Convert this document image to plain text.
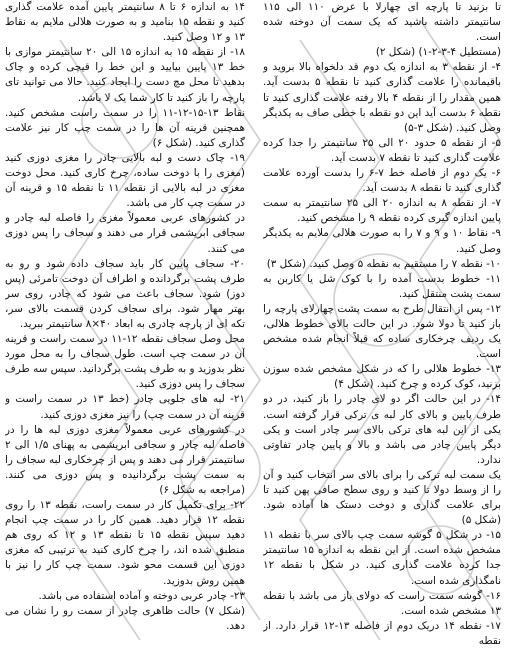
تا بزنید تا پارچه ای چهارلا با عرض ۱۱۰ الی ۱۱۵ سانتیمتر داشته باشید که یک سمت آن دوخته شده است.

(مستطیل ۴-۳-۲-۱) (شکل ۲)

۴- از نقطه ۳ به اندازه یک دوم قد دلخواه بالا بروید و باقیمانده را علامت گذاری کنید تا نقطه ۵ بدست آید. همین مقدار را از نقطه ۴ بالا رفته علامت گذاری کنید تا نقطه ۶ بدست آید این دو نقطه با خطی صاف به یکدیگر وصل کنید. (شکل ۳-۵)

۵- از نقطه ۵ حدود ۲۰ الی ۲۵ سانتیمتر را جدا کرده علامت گذاری کنید تا نقطه ۷ بدست آید.

۶- یک دوم از فاصله خط ۷-۶ را بدست آورده علامت گذاری کنید تا نقطه ۸ بدست آید.

۷- از نقطه ۸ به اندازه ۲۰ الی ۲۵ سانتیمتر به سمت پایین اندازه گیری کرده نقطه ۹ را مشخص کنید.

۹- نقاط ۱۰ و ۹ و ۷ را به صورت هلالی ملایم به یکدیگر وصل کنید.

۱۰- نقطه ۷ را مستقیم به نقطه ۵ وصل کنید. (شکل ۳)

۱۱- خطوط بدست آمده را با کوک شل یا کاربن به سمت پشت منتقل کنید.

۱۲- پس از انتقال طرح به سمت پشت چهارلای پارچه را باز کنید تا دولا شود. در این حالت بالای خطوط هلالی، یک ردیف چرخکاری ساده که قبلاً انجام شده مشخص است.

۱۳- خطوط هلالی را که در شکل مشخص شده سوزن بزنید، کوک کرده و چرخ کنید. (شکل ۴)

۱۴- در این حالت اگر دو لای چادر را باز کنید، در دو طرف پایین و بالای کار لبه ی ترکی قرار گرفته است. یکی از این لبه های ترکی بالای سر چادر است و یکی دیگر پایین چادر می باشد و بالا و پایین چادر تفاوتی ندارد.

یک سمت لبه ترکی را برای بالای سر انتخاب کنید و آن را از وسط دولا تا کنید و روی سطح صافی پهن کنید تا برای علامت گذاری و دوخت دستک ها آماده شود. (شکل ۵)

۱۵- در شکل ۵ گوشه سمت چپ بالای سر با نقطه ۱۱ مشخص شده است. از این نقطه به اندازه ۱۵ سانتیمتر جدا کرده علامت گذاری کنید. در شکل با نقطه ۱۲ نامگذاری شده است.

۱۶- گوشه سمت راست که دولای باز می باشد با نقطه ۱۳ مشخص شده است.

۱۷- نقطه ۱۴ دریک دوم از فاصله ۱۳-۱۲ قرار دارد. از نقطه

۱۴ به اندازه ۶ تا ۸ سانتیمتر پایین آمده علامت گذاری کنید و نقطه ۱۵ بنامید و به صورت هلالی ملایم به نقاط ۱۳ و ۱۲ وصل کنید.

۱۸- از نقطه ۱۵ به اندازه ۱۵ الی ۲۰ سانتیمتر موازی با خط ۱۳ پایین بیایید و این خط را قیچی کرده و چاک بدهید تا محل مچ دست را ایجاد کنید. حالا می توانید تای پارچه را باز کنید تا کار شما یک لا باشد.

نقاط ۱۳-۱۵-۱۲-۱۱ را در سمت راست مشخص کنید. همچنین قرینه آن ها را در سمت چپ کار نیز علامت گذاری کنید. (شکل ۶)

۱۹- چاک دست و لبه بالایی چادر را مغزی دوزی کنید (مغزی را با دوخت ساده، چرخ کاری کنید. محل دوخت مغزی در لبه بالایی از نقطه ۱۱ تا نقطه ۱۵ و قرینه آن در سمت چپ کار می باشد.

در کشورهای عربی معمولاً مغزی را فاصله لبه چادر و سجافی ابریشمی قرار می دهند و سجاف را پس دوزی می کنند.

۲۰- سجاف پایین کار باید سجاف داده شود و رو به طرف پشت برگردانده و اطراف آن دوخت تامرئی (پس دوز) شود. سجاف باعث می شود که چادر، روی سر بهتر مهار شود. برای سجاف کردن قسمت بالای سر، تکه ای از پارچه چادری به ابعاد ۴۰×۸ سانتیمتر ببرید.

محل وصل سجاف نقطه ۱۲-۱۱ در سمت راست و قرینه آن در سمت چپ است. طول سجاف را به محل مورد نظر بدوزید و به طرف پشت برگردانید. سپس سه طرف سجاف را پس دوزی کنید.

۲۱- لبه های جلویی چادر (خط ۱۳ در سمت راست و قرینه آن در سمت چپ) را نیز مغزی دوزی کنید.

در کشورهای عربی معمولاً مغزی دوزی لبه ها را در فاصله لبه چادر و سجافی ابریشمی به پهنای ۱/۵ الی ۲ سانتیمتر قرار می دهند و پس از چرخکاری لبه سجاف را به سمت پشت برگردانیده و پس دوزی می کنند. (مراجعه به شکل ۶)

۲۲- برای تکمیل کار در سمت راست، نقطه ۱۳ را روی نقطه ۱۲ قرار دهید. همین کار را در سمت چپ انجام دهید سپس نقطه ۱۵ تا نقطه ۱۳ و ۱۲ که روی هم منطبق شده اند، را چرخ کاری کنید به ترتیبی که مغزی دوزی این قسمت محو شود. سمت چپ کار را نیز با همین روش بدوزید.

۲۳- چادر عربی دوخته و آماده استفاده می باشد.

(شکل ۷) حالت ظاهری چادر از سمت رو را نشان می دهد.
